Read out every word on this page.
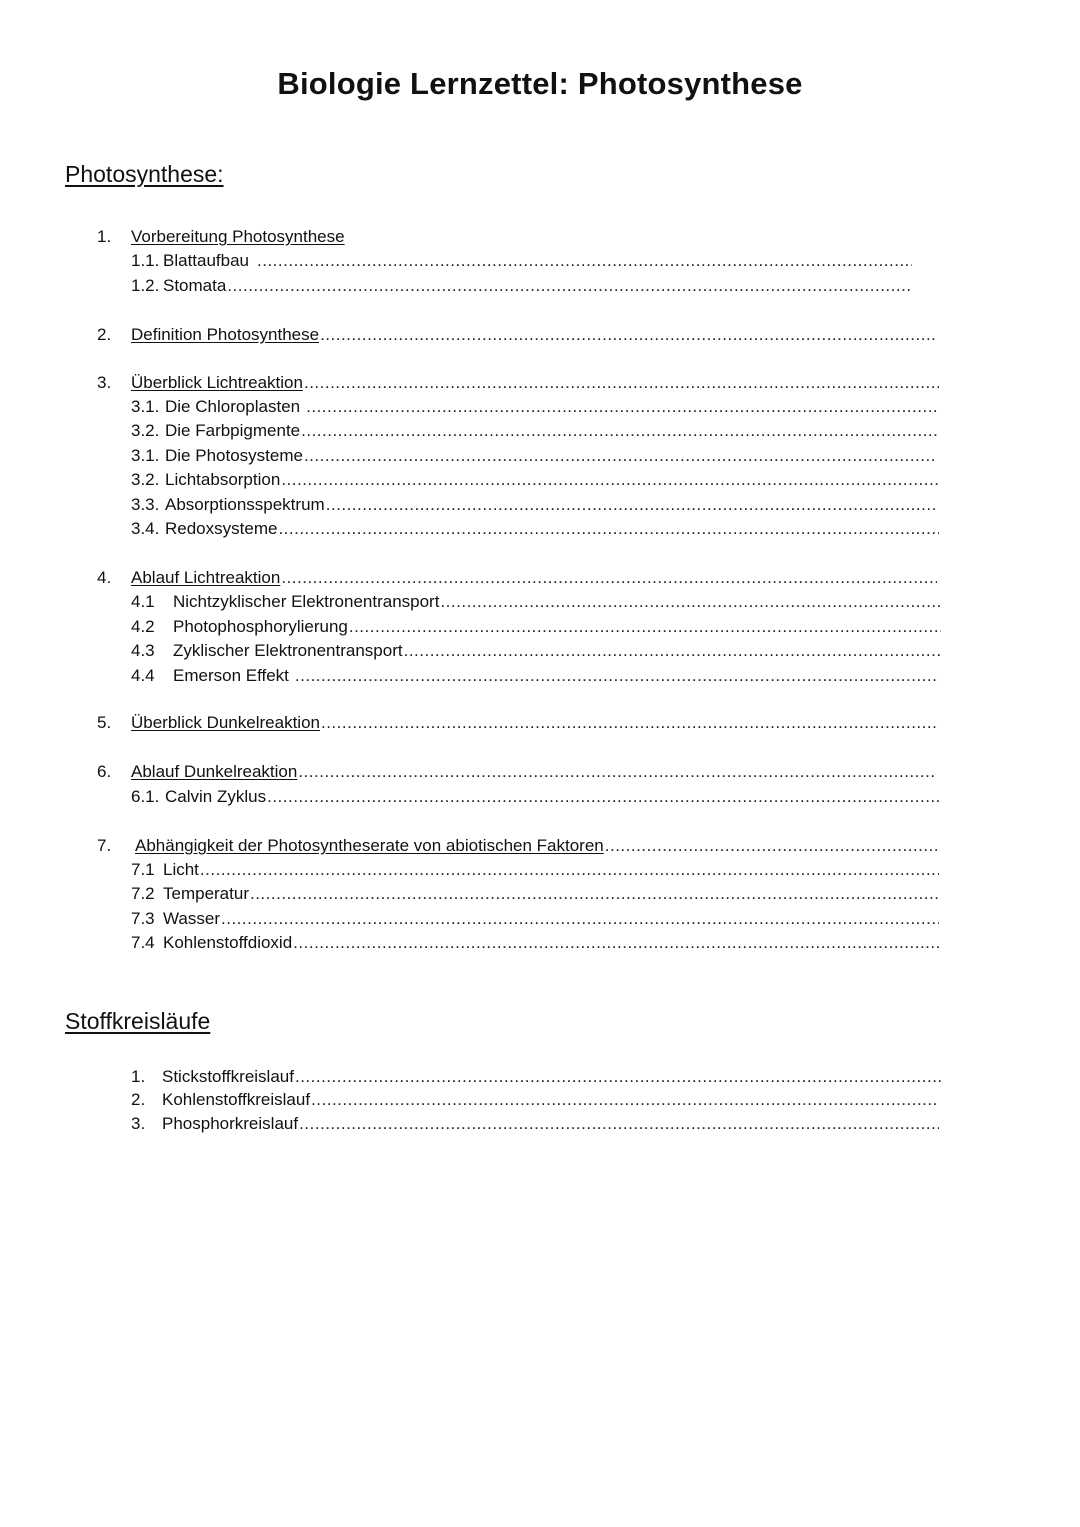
Biologie Lernzettel: Photosynthese
Photosynthese:
1.	Vorbereitung Photosynthese
1.1. Blattaufbau
.....
1.2. Stomata
.....
2.	Definition Photosynthese
.....
3.	Überblick Lichtreaktion
.....
3.1. Die Chloroplasten
.....
3.2. Die Farbpigmente
.....
3.1. Die Photosysteme
.....
3.2. Lichtabsorption
.....
3.3. Absorptionsspektrum
.....
3.4. Redoxsysteme
.....
4.	Ablauf Lichtreaktion
.....
4.1	Nichtzyklischer Elektronentransport
.....
4.2	Photophosphorylierung
.....
4.3	Zyklischer Elektronentransport
.....
4.4	Emerson Effekt
.....
5.	Überblick Dunkelreaktion
.....
6.	Ablauf Dunkelreaktion
.....
6.1. Calvin Zyklus
.....
7.	Abhängigkeit der Photosyntheserate von abiotischen Faktoren
.....
7.1 Licht
.....
7.2 Temperatur
.....
7.3 Wasser
.....
7.4 Kohlenstoffdioxid
.....
Stoffkreisläufe
1. Stickstoffkreislauf
.....
2. Kohlenstoffkreislauf
.....
3. Phosphorkreislauf
.....
